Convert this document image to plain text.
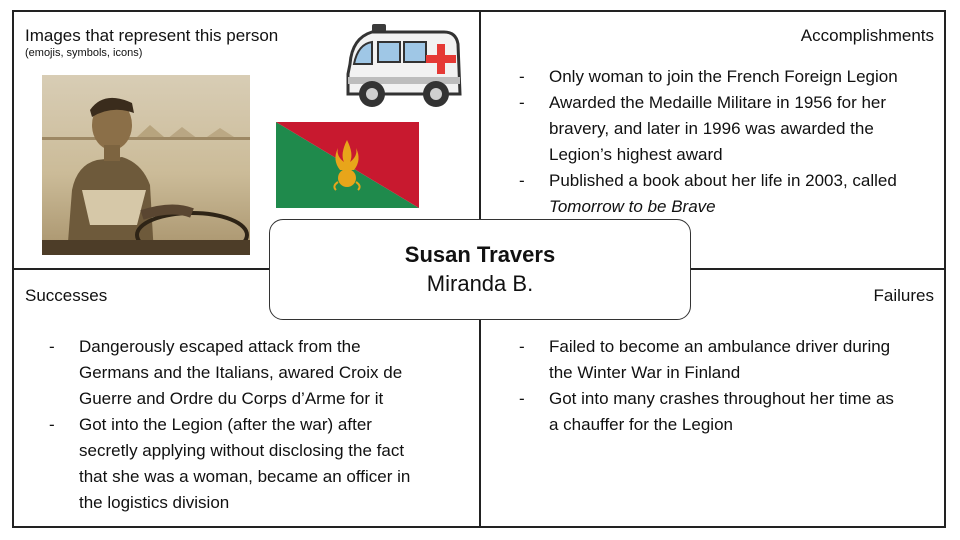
Images that represent this person
(emojis, symbols, icons)
Accomplishments
- Only woman to join the French Foreign Legion
- Awarded the Medaille Militare in 1956 for her
bravery, and later in 1996 was awarded the
Legion’s highest award
- Published a book about her life in 2003, called
Tomorrow to be Brave
Successes
- Dangerously escaped attack from the
Germans and the Italians, awared Croix de
Guerre and Ordre du Corps d’Arme for it
- Got into the Legion (after the war) after
secretly applying without disclosing the fact
that she was a woman, became an officer in
the logistics division
Failures
- Failed to become an ambulance driver during
the Winter War in Finland
- Got into many crashes throughout her time as
a chauffer for the Legion
Susan Travers
Miranda B.
